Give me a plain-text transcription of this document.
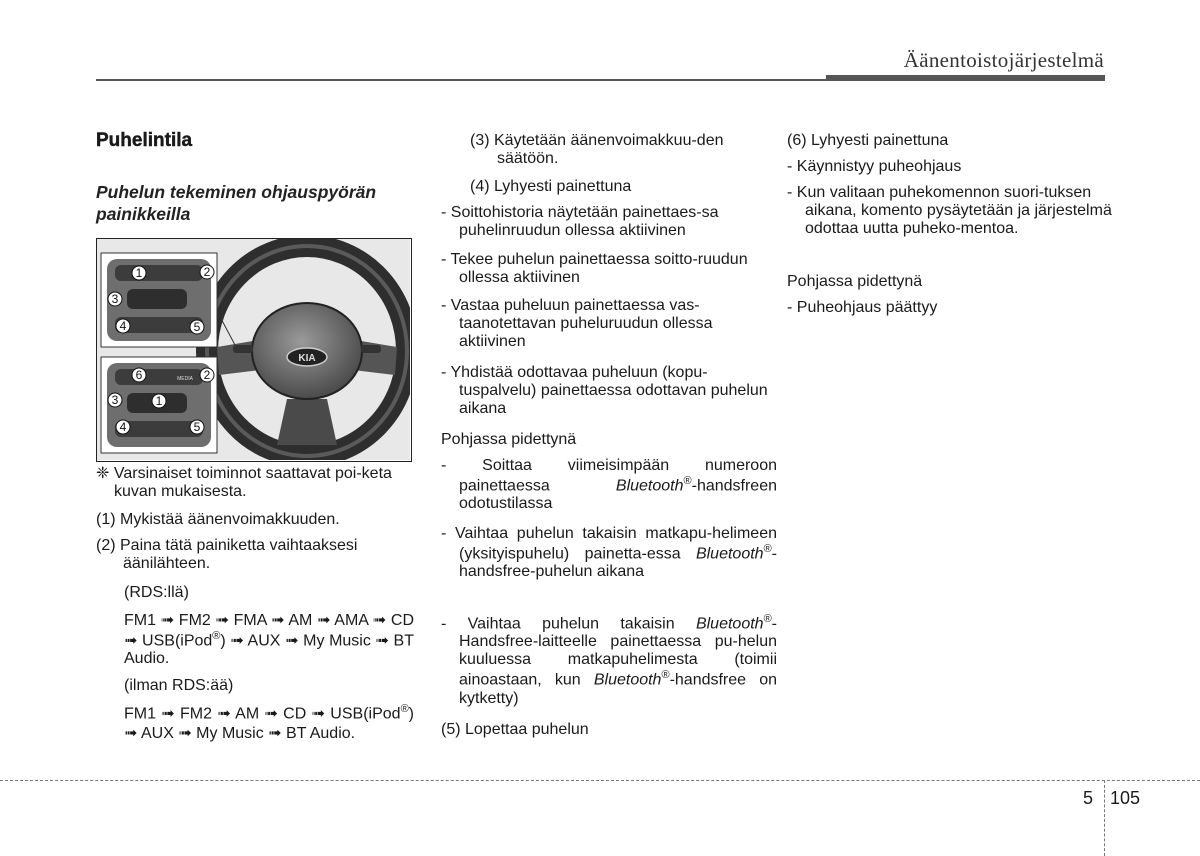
Äänentoistojärjestelmä
Puhelintila
Puhelun tekeminen ohjauspyörän painikkeilla
KIA
MEDIA
1	2
3
4	5
6	2
3	1
4	5
❈ Varsinaiset toiminnot saattavat poi-keta kuvan mukaisesta.
(1) Mykistää äänenvoimakkuuden.
(2) Paina tätä painiketta vaihtaaksesi äänilähteen.
(RDS:llä)
FM1 ➟ FM2 ➟ FMA ➟ AM ➟ AMA ➟ CD ➟ USB(iPod®) ➟ AUX ➟ My Music ➟ BT Audio.
(ilman RDS:ää)
FM1 ➟ FM2 ➟ AM ➟ CD ➟ USB(iPod®) ➟ AUX ➟ My Music ➟ BT Audio.
(3) Käytetään äänenvoimakkuu-den säätöön.
(4) Lyhyesti painettuna
- Soittohistoria näytetään painettaes-sa puhelinruudun ollessa aktiivinen
- Tekee puhelun painettaessa soitto-ruudun ollessa aktiivinen
- Vastaa puheluun painettaessa vas-taanotettavan puheluruudun ollessa aktiivinen
- Yhdistää odottavaa puheluun (kopu-tuspalvelu) painettaessa odottavan puhelun aikana
Pohjassa pidettynä
- Soittaa viimeisimpään numeroon painettaessa Bluetooth®-handsfreen odotustilassa
- Vaihtaa puhelun takaisin matkapu-helimeen (yksityispuhelu) painetta-essa Bluetooth®-handsfree-puhelun aikana
- Vaihtaa puhelun takaisin Bluetooth®-Handsfree-laitteelle painettaessa pu-helun kuuluessa matkapuhelimesta (toimii ainoastaan, kun Bluetooth®-handsfree on kytketty)
(5) Lopettaa puhelun
(6) Lyhyesti painettuna
- Käynnistyy puheohjaus
- Kun valitaan puhekomennon suori-tuksen aikana, komento pysäytetään ja järjestelmä odottaa uutta puheko-mentoa.
Pohjassa pidettynä
- Puheohjaus päättyy
5 105
